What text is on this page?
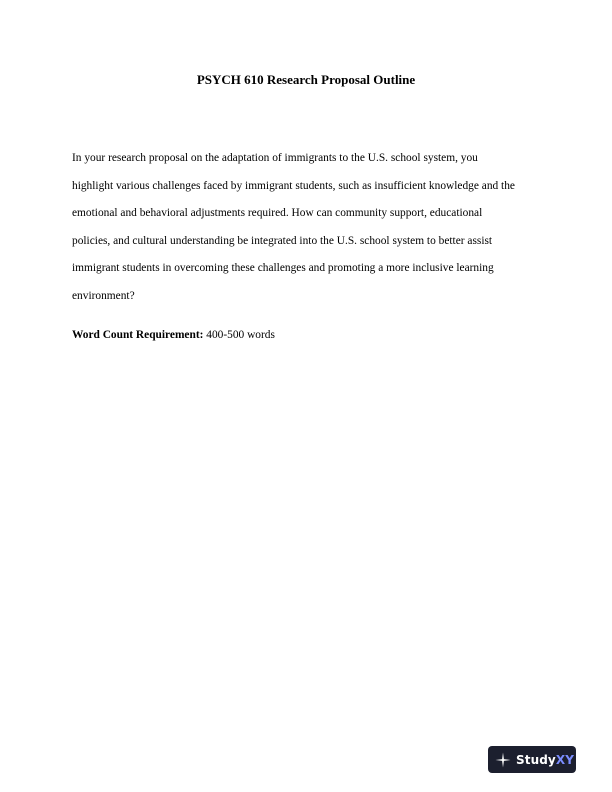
PSYCH 610 Research Proposal Outline
In your research proposal on the adaptation of immigrants to the U.S. school system, you
highlight various challenges faced by immigrant students, such as insufficient knowledge and the
emotional and behavioral adjustments required. How can community support, educational
policies, and cultural understanding be integrated into the U.S. school system to better assist
immigrant students in overcoming these challenges and promoting a more inclusive learning
environment?

Word Count Requirement: 400-500 words

StudyXY
